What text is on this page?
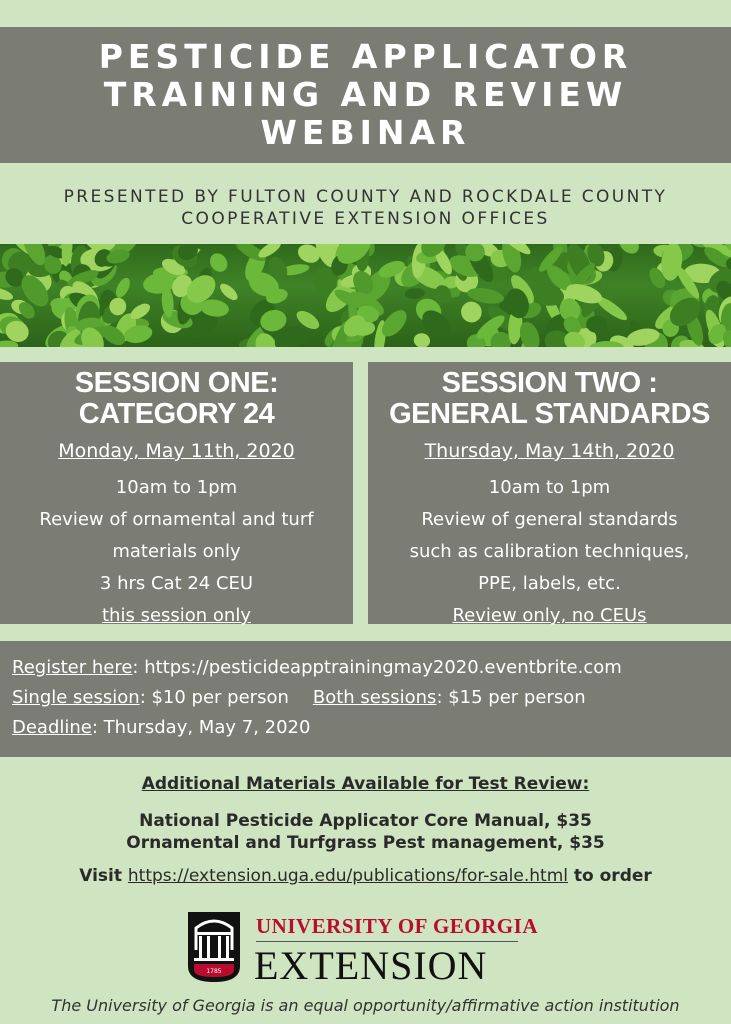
PESTICIDE APPLICATOR
TRAINING AND REVIEW
WEBINAR
PRESENTED BY FULTON COUNTY AND ROCKDALE COUNTY
COOPERATIVE EXTENSION OFFICES
SESSION ONE:
CATEGORY 24
Monday, May 11th, 2020
10am to 1pm
Review of ornamental and turf
materials only
3 hrs Cat 24 CEU
this session only
SESSION TWO :
GENERAL STANDARDS
Thursday, May 14th, 2020
10am to 1pm
Review of general standards
such as calibration techniques,
PPE, labels, etc.
Review only, no CEUs
Register here: https://pesticideapptrainingmay2020.eventbrite.com
Single session: $10 per person Both sessions: $15 per person
Deadline: Thursday, May 7, 2020
Additional Materials Available for Test Review:
National Pesticide Applicator Core Manual, $35
Ornamental and Turfgrass Pest management, $35
Visit https://extension.uga.edu/publications/for-sale.html to order
1785
UNIVERSITY OF GEORGIA
EXTENSION
The University of Georgia is an equal opportunity/affirmative action institution
